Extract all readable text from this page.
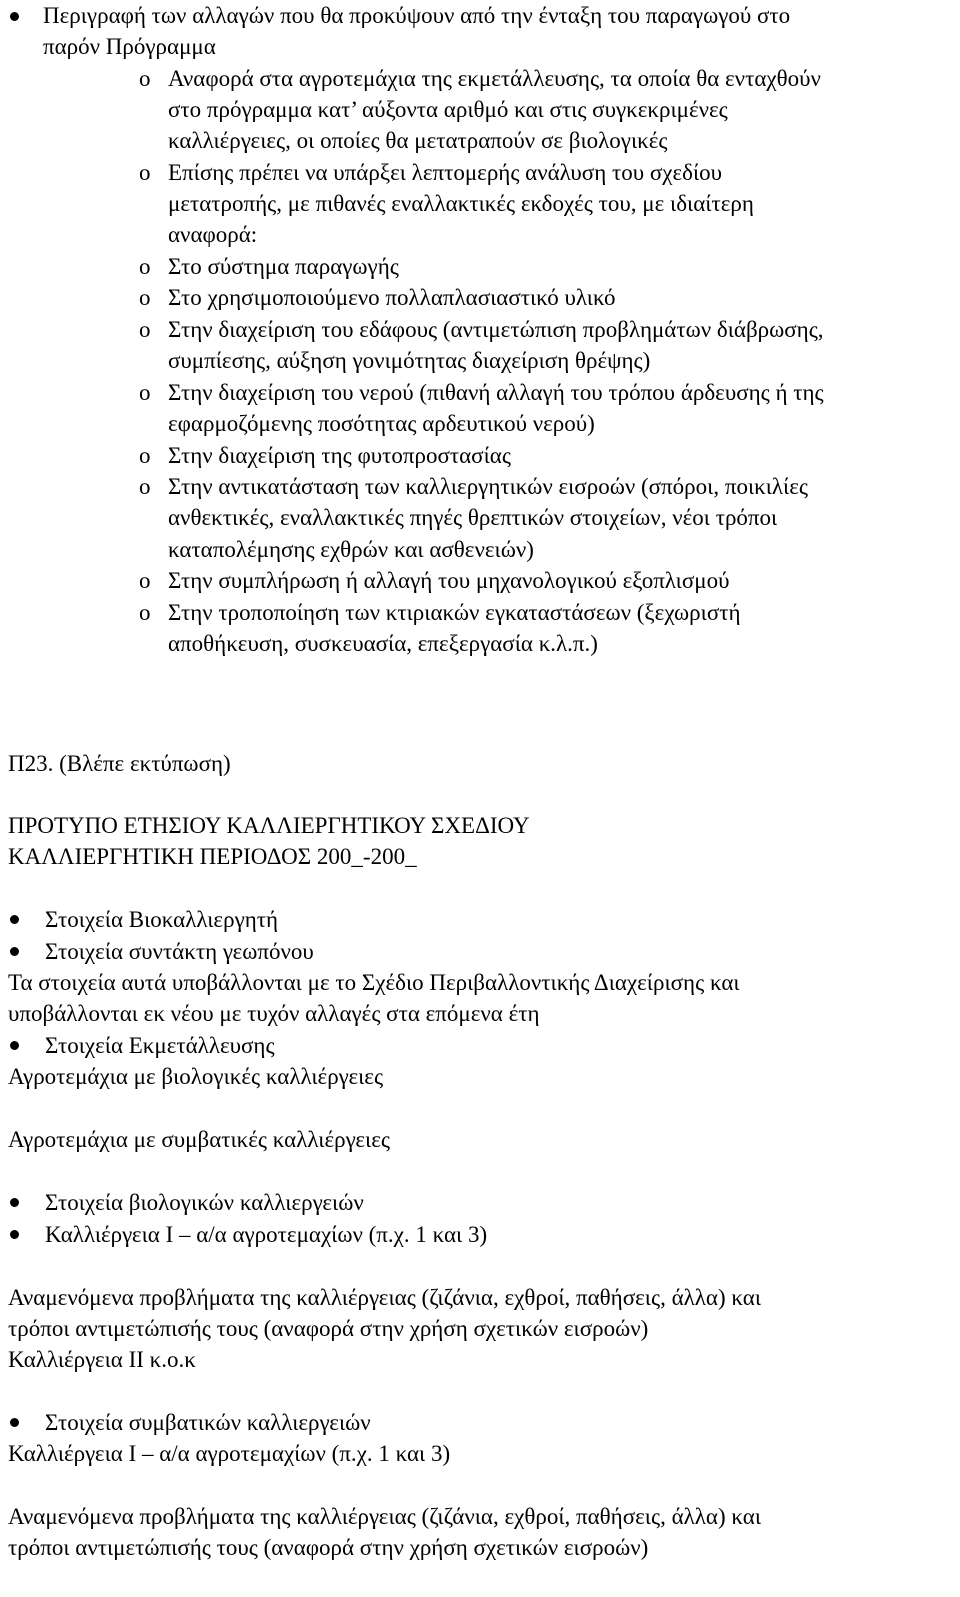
Περιγραφή των αλλαγών που θα προκύψουν από την ένταξη του παραγωγού στο
παρόν Πρόγραμμα
o Αναφορά στα αγροτεμάχια της εκμετάλλευσης, τα οποία θα ενταχθούν
στο πρόγραμμα κατ’ αύξοντα αριθμό και στις συγκεκριμένες
καλλιέργειες, οι οποίες θα μετατραπούν σε βιολογικές
o Επίσης πρέπει να υπάρξει λεπτομερής ανάλυση του σχεδίου
μετατροπής, με πιθανές εναλλακτικές εκδοχές του, με ιδιαίτερη
αναφορά:
o Στο σύστημα παραγωγής
o Στο χρησιμοποιούμενο πολλαπλασιαστικό υλικό
o Στην διαχείριση του εδάφους (αντιμετώπιση προβλημάτων διάβρωσης,
συμπίεσης, αύξηση γονιμότητας διαχείριση θρέψης)
o Στην διαχείριση του νερού (πιθανή αλλαγή του τρόπου άρδευσης ή της
εφαρμοζόμενης ποσότητας αρδευτικού νερού)
o Στην διαχείριση της φυτοπροστασίας
o Στην αντικατάσταση των καλλιεργητικών εισροών (σπόροι, ποικιλίες
ανθεκτικές, εναλλακτικές πηγές θρεπτικών στοιχείων, νέοι τρόποι
καταπολέμησης εχθρών και ασθενειών)
o Στην συμπλήρωση ή αλλαγή του μηχανολογικού εξοπλισμού
o Στην τροποποίηση των κτιριακών εγκαταστάσεων (ξεχωριστή
αποθήκευση, συσκευασία, επεξεργασία κ.λ.π.)
Π23. (Βλέπε εκτύπωση)
ΠΡΟΤΥΠΟ ΕΤΗΣΙΟΥ ΚΑΛΛΙΕΡΓΗΤΙΚΟΥ ΣΧΕΔΙΟΥ
ΚΑΛΛΙΕΡΓΗΤΙΚΗ ΠΕΡΙΟΔΟΣ 200_-200_
Στοιχεία Βιοκαλλιεργητή
Στοιχεία συντάκτη γεωπόνου
Τα στοιχεία αυτά υποβάλλονται με το Σχέδιο Περιβαλλοντικής Διαχείρισης και
υποβάλλονται εκ νέου με τυχόν αλλαγές στα επόμενα έτη
Στοιχεία Εκμετάλλευσης
Αγροτεμάχια με βιολογικές καλλιέργειες
Αγροτεμάχια με συμβατικές καλλιέργειες
Στοιχεία βιολογικών καλλιεργειών
Καλλιέργεια Ι – α/α αγροτεμαχίων (π.χ. 1 και 3)
Αναμενόμενα προβλήματα της καλλιέργειας (ζιζάνια, εχθροί, παθήσεις, άλλα) και
τρόποι αντιμετώπισής τους (αναφορά στην χρήση σχετικών εισροών)
Καλλιέργεια ΙΙ κ.ο.κ
Στοιχεία συμβατικών καλλιεργειών
Καλλιέργεια Ι – α/α αγροτεμαχίων (π.χ. 1 και 3)
Αναμενόμενα προβλήματα της καλλιέργειας (ζιζάνια, εχθροί, παθήσεις, άλλα) και
τρόποι αντιμετώπισής τους (αναφορά στην χρήση σχετικών εισροών)
